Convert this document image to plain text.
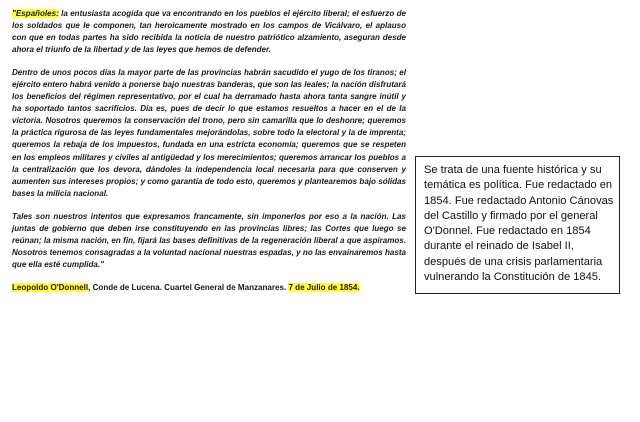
"Españoles: la entusiasta acogida que va encontrando en los pueblos el ejército liberal; el esfuerzo de los soldados que le componen, tan heroicamente mostrado en los campos de Vicálvaro, el aplauso con que en todas partes ha sido recibida la noticia de nuestro patriótico alzamiento, aseguran desde ahora el triunfo de la libertad y de las leyes que hemos de defender.

Dentro de unos pocos días la mayor parte de las provincias habrán sacudido el yugo de los tiranos; el ejército entero habrá venido a ponerse bajo nuestras banderas, que son las leales; la nación disfrutará los beneficios del régimen representativo, por el cual ha derramado hasta ahora tanta sangre inútil y ha soportado tantos sacrificios. Día es, pues de decir lo que estamos resueltos a hacer en el de la victoria. Nosotros queremos la conservación del trono, pero sin camarilla que lo deshonre; queremos la práctica rigurosa de las leyes fundamentales mejorándolas, sobre todo la electoral y la de imprenta; queremos la rebaja de los impuestos, fundada en una estricta economía; queremos que se respeten en los empleos militares y civiles al antigüedad y los merecimientos; queremos arrancar los pueblos a la centralización que los devora, dándoles la independencia local necesaria para que conserven y aumenten sus intereses propios; y como garantía de todo esto, queremos y plantearemos bajo sólidas bases la milicia nacional.

Tales son nuestros intentos que expresamos francamente, sin imponerlos por eso a la nación. Las juntas de gobierno que deben irse constituyendo en las provincias libres; las Cortes que luego se reúnan; la misma nación, en fin, fijará las bases definitivas de la regeneración liberal a que aspiramos. Nosotros tenemos consagradas a la voluntad nacional nuestras espadas, y no las envainaremos hasta que ella esté cumplida."

Leopoldo O'Donnell, Conde de Lucena. Cuartel General de Manzanares. 7 de Julio de 1854.

Se trata de una fuente histórica y su temática es política. Fue redactado en 1854. Fue redactado Antonio Cánovas del Castillo y firmado por el general O'Donnel. Fue redactado en 1854 durante el reinado de Isabel II, después de una crisis parlamentaria vulnerando la Constitución de 1845.
